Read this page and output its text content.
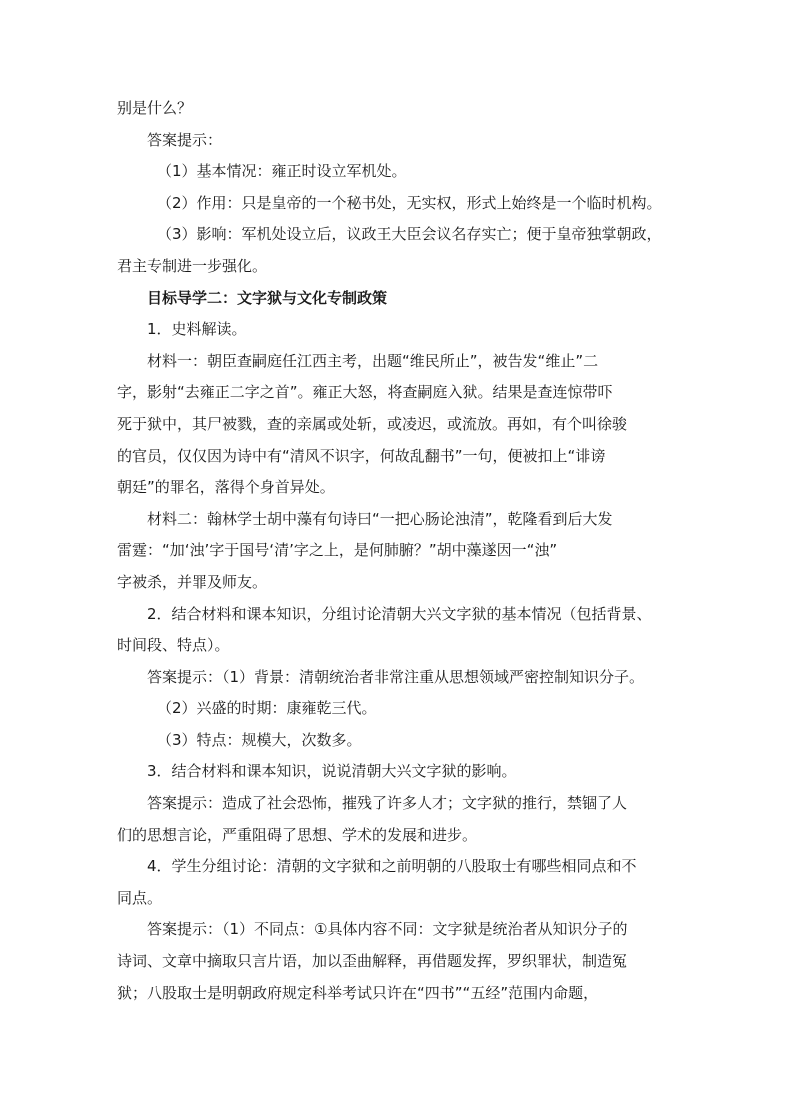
别是什么？

答案提示：

（1）基本情况：雍正时设立军机处。

（2）作用：只是皇帝的一个秘书处，无实权，形式上始终是一个临时机构。

（3）影响：军机处设立后，议政王大臣会议名存实亡；便于皇帝独掌朝政，

君主专制进一步强化。

目标导学二：文字狱与文化专制政策

1．史料解读。

材料一：朝臣查嗣庭任江西主考，出题“维民所止”，被告发“维止”二

字，影射“去雍正二字之首”。雍正大怒，将查嗣庭入狱。结果是查连惊带吓

死于狱中，其尸被戮，查的亲属或处斩，或凌迟，或流放。再如，有个叫徐骏

的官员，仅仅因为诗中有“清风不识字，何故乱翻书”一句，便被扣上“诽谤

朝廷”的罪名，落得个身首异处。

材料二：翰林学士胡中藻有句诗曰“一把心肠论浊清”，乾隆看到后大发

雷霆：“加‘浊’字于国号‘清’字之上，是何肺腑？”胡中藻遂因一“浊”

字被杀，并罪及师友。

2．结合材料和课本知识，分组讨论清朝大兴文字狱的基本情况（包括背景、

时间段、特点）。

答案提示：（1）背景：清朝统治者非常注重从思想领域严密控制知识分子。

（2）兴盛的时期：康雍乾三代。

（3）特点：规模大，次数多。

3．结合材料和课本知识，说说清朝大兴文字狱的影响。

答案提示：造成了社会恐怖，摧残了许多人才；文字狱的推行，禁锢了人

们的思想言论，严重阻碍了思想、学术的发展和进步。

4．学生分组讨论：清朝的文字狱和之前明朝的八股取士有哪些相同点和不

同点。

答案提示：（1）不同点：①具体内容不同：文字狱是统治者从知识分子的

诗词、文章中摘取只言片语，加以歪曲解释，再借题发挥，罗织罪状，制造冤

狱；八股取士是明朝政府规定科举考试只许在“四书”“五经”范围内命题，
